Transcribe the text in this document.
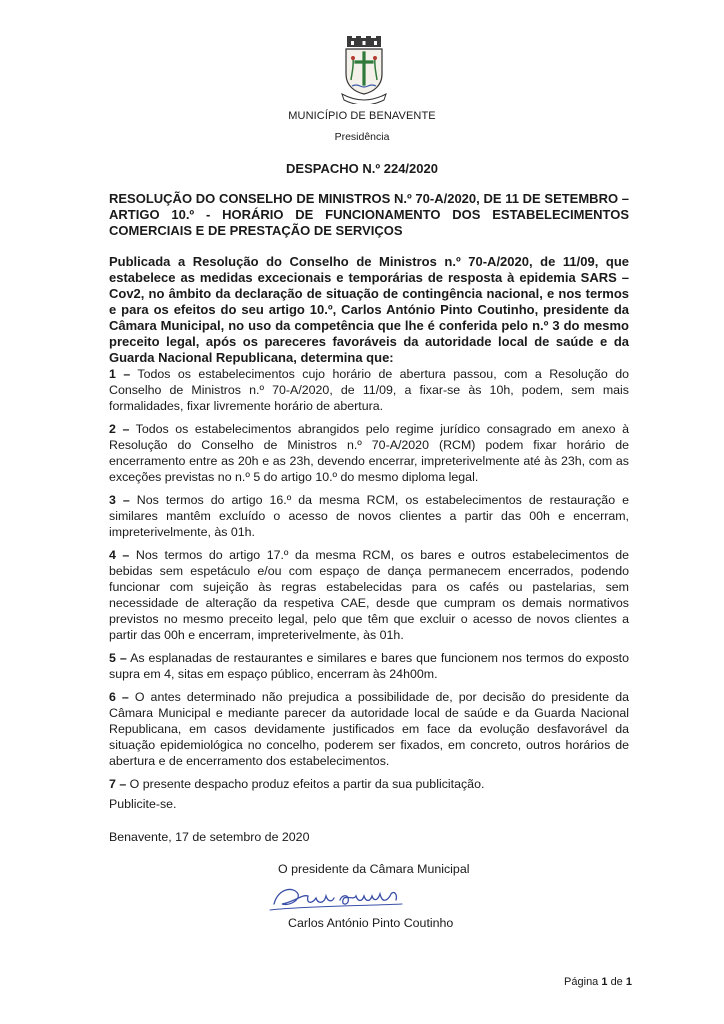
MUNICÍPIO DE BENAVENTE
Presidência
DESPACHO N.º 224/2020
RESOLUÇÃO DO CONSELHO DE MINISTROS N.º 70-A/2020, DE 11 DE SETEMBRO – ARTIGO 10.º - HORÁRIO DE FUNCIONAMENTO DOS ESTABELECIMENTOS COMERCIAIS E DE PRESTAÇÃO DE SERVIÇOS
Publicada a Resolução do Conselho de Ministros n.º 70-A/2020, de 11/09, que estabelece as medidas excecionais e temporárias de resposta à epidemia SARS – Cov2, no âmbito da declaração de situação de contingência nacional, e nos termos e para os efeitos do seu artigo 10.º, Carlos António Pinto Coutinho, presidente da Câmara Municipal, no uso da competência que lhe é conferida pelo n.º 3 do mesmo preceito legal, após os pareceres favoráveis da autoridade local de saúde e da Guarda Nacional Republicana, determina que:

1 – Todos os estabelecimentos cujo horário de abertura passou, com a Resolução do Conselho de Ministros n.º 70-A/2020, de 11/09, a fixar-se às 10h, podem, sem mais formalidades, fixar livremente horário de abertura.

2 – Todos os estabelecimentos abrangidos pelo regime jurídico consagrado em anexo à Resolução do Conselho de Ministros n.º 70-A/2020 (RCM) podem fixar horário de encerramento entre as 20h e as 23h, devendo encerrar, impreterivelmente até às 23h, com as exceções previstas no n.º 5 do artigo 10.º do mesmo diploma legal.

3 – Nos termos do artigo 16.º da mesma RCM, os estabelecimentos de restauração e similares mantêm excluído o acesso de novos clientes a partir das 00h e encerram, impreterivelmente, às 01h.

4 – Nos termos do artigo 17.º da mesma RCM, os bares e outros estabelecimentos de bebidas sem espetáculo e/ou com espaço de dança permanecem encerrados, podendo funcionar com sujeição às regras estabelecidas para os cafés ou pastelarias, sem necessidade de alteração da respetiva CAE, desde que cumpram os demais normativos previstos no mesmo preceito legal, pelo que têm que excluir o acesso de novos clientes a partir das 00h e encerram, impreterivelmente, às 01h.

5 – As esplanadas de restaurantes e similares e bares que funcionem nos termos do exposto supra em 4, sitas em espaço público, encerram às 24h00m.

6 – O antes determinado não prejudica a possibilidade de, por decisão do presidente da Câmara Municipal e mediante parecer da autoridade local de saúde e da Guarda Nacional Republicana, em casos devidamente justificados em face da evolução desfavorável da situação epidemiológica no concelho, poderem ser fixados, em concreto, outros horários de abertura e de encerramento dos estabelecimentos.

7 – O presente despacho produz efeitos a partir da sua publicitação.

Publicite-se.
Benavente, 17 de setembro de 2020
O presidente da Câmara Municipal
Carlos António Pinto Coutinho
Página 1 de 1
